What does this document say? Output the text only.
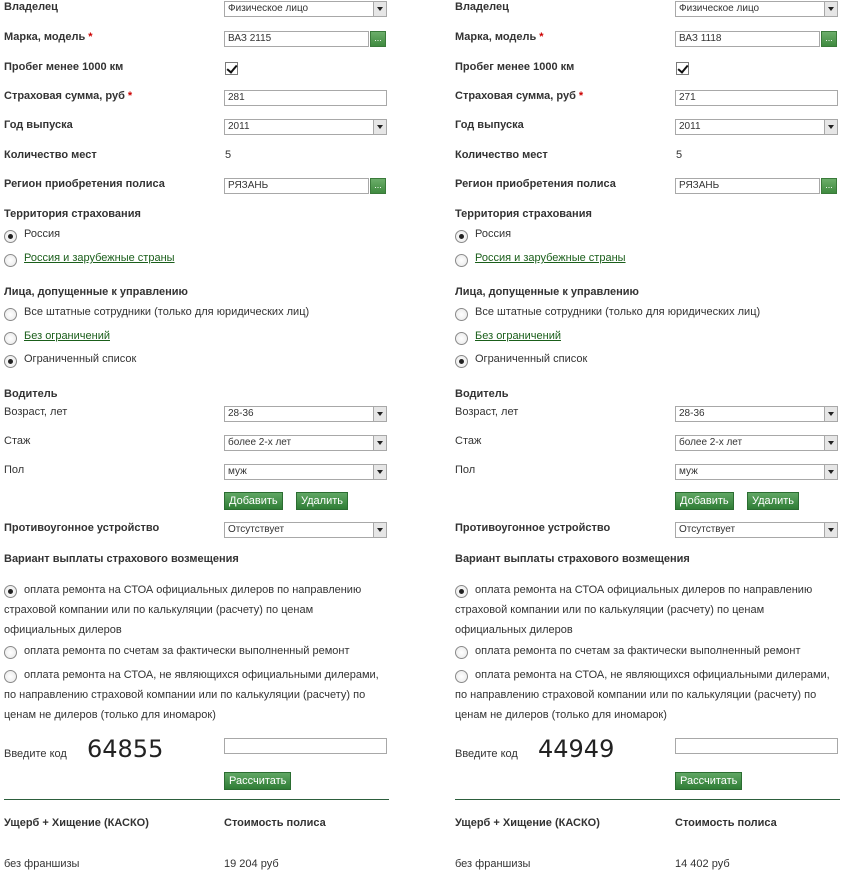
Владелец	Физическое лицо
Марка, модель *	ВАЗ 2115	...
Пробег менее 1000 км
Страховая сумма, руб *	281
Год выпуска	2011
Количество мест	5
Регион приобретения полиса	РЯЗАНЬ	...
Территория страхования
Россия
Россия и зарубежные страны
Лица, допущенные к управлению
Все штатные сотрудники (только для юридических лиц)
Без ограничений
Ограниченный список
Водитель
Возраст, лет	28-36
Стаж	более 2-х лет
Пол	муж
Добавить	Удалить
Противоугонное устройство	Отсутствует
Вариант выплаты страхового возмещения
оплата ремонта на СТОА официальных дилеров по направлению
страховой компании или по калькуляции (расчету) по ценам
официальных дилеров
оплата ремонта по счетам за фактически выполненный ремонт
оплата ремонта на СТОА, не являющихся официальными дилерами,
по направлению страховой компании или по калькуляции (расчету) по
ценам не дилеров (только для иномарок)
Введите код 64855
Рассчитать
Ущерб + Хищение (КАСКО)	Стоимость полиса
без франшизы	19 204 руб
Владелец	Физическое лицо
Марка, модель *	ВАЗ 1118	...
Пробег менее 1000 км
Страховая сумма, руб *	271
Год выпуска	2011
Количество мест	5
Регион приобретения полиса	РЯЗАНЬ	...
Территория страхования
Россия
Россия и зарубежные страны
Лица, допущенные к управлению
Все штатные сотрудники (только для юридических лиц)
Без ограничений
Ограниченный список
Водитель
Возраст, лет	28-36
Стаж	более 2-х лет
Пол	муж
Добавить	Удалить
Противоугонное устройство	Отсутствует
Вариант выплаты страхового возмещения
оплата ремонта на СТОА официальных дилеров по направлению
страховой компании или по калькуляции (расчету) по ценам
официальных дилеров
оплата ремонта по счетам за фактически выполненный ремонт
оплата ремонта на СТОА, не являющихся официальными дилерами,
по направлению страховой компании или по калькуляции (расчету) по
ценам не дилеров (только для иномарок)
Введите код 44949
Рассчитать
Ущерб + Хищение (КАСКО)	Стоимость полиса
без франшизы	14 402 руб
